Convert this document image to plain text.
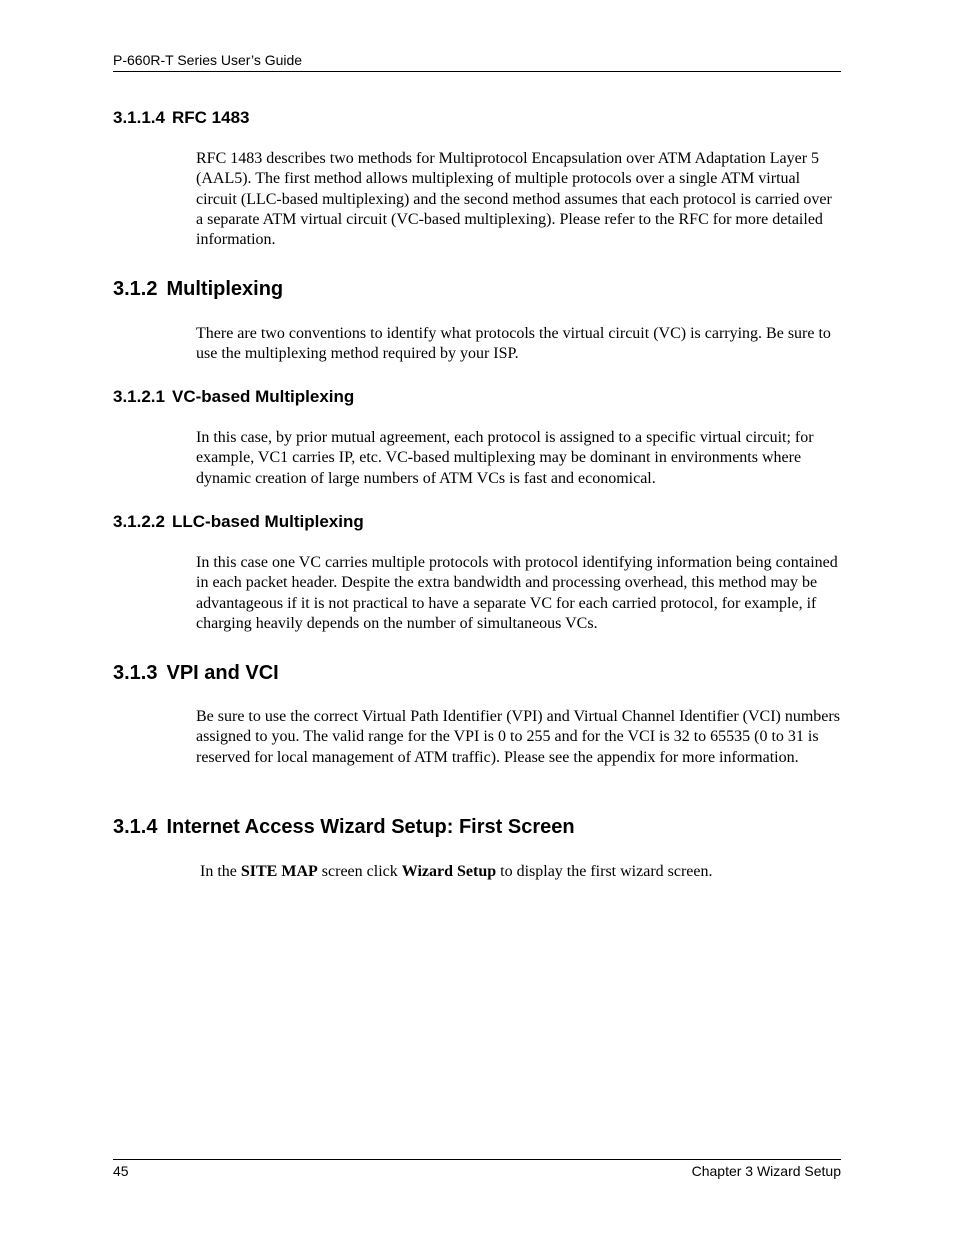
P-660R-T Series User’s Guide
3.1.1.4 RFC 1483

RFC 1483 describes two methods for Multiprotocol Encapsulation over ATM Adaptation Layer 5 (AAL5). The first method allows multiplexing of multiple protocols over a single ATM virtual circuit (LLC-based multiplexing) and the second method assumes that each protocol is carried over a separate ATM virtual circuit (VC-based multiplexing). Please refer to the RFC for more detailed information.

3.1.2 Multiplexing

There are two conventions to identify what protocols the virtual circuit (VC) is carrying. Be sure to use the multiplexing method required by your ISP.

3.1.2.1 VC-based Multiplexing

In this case, by prior mutual agreement, each protocol is assigned to a specific virtual circuit; for example, VC1 carries IP, etc. VC-based multiplexing may be dominant in environments where dynamic creation of large numbers of ATM VCs is fast and economical.

3.1.2.2 LLC-based Multiplexing

In this case one VC carries multiple protocols with protocol identifying information being contained in each packet header. Despite the extra bandwidth and processing overhead, this method may be advantageous if it is not practical to have a separate VC for each carried protocol, for example, if charging heavily depends on the number of simultaneous VCs.

3.1.3 VPI and VCI

Be sure to use the correct Virtual Path Identifier (VPI) and Virtual Channel Identifier (VCI) numbers assigned to you. The valid range for the VPI is 0 to 255 and for the VCI is 32 to 65535 (0 to 31 is reserved for local management of ATM traffic). Please see the appendix for more information.

3.1.4 Internet Access Wizard Setup: First Screen

In the SITE MAP screen click Wizard Setup to display the first wizard screen.

45	Chapter 3 Wizard Setup
